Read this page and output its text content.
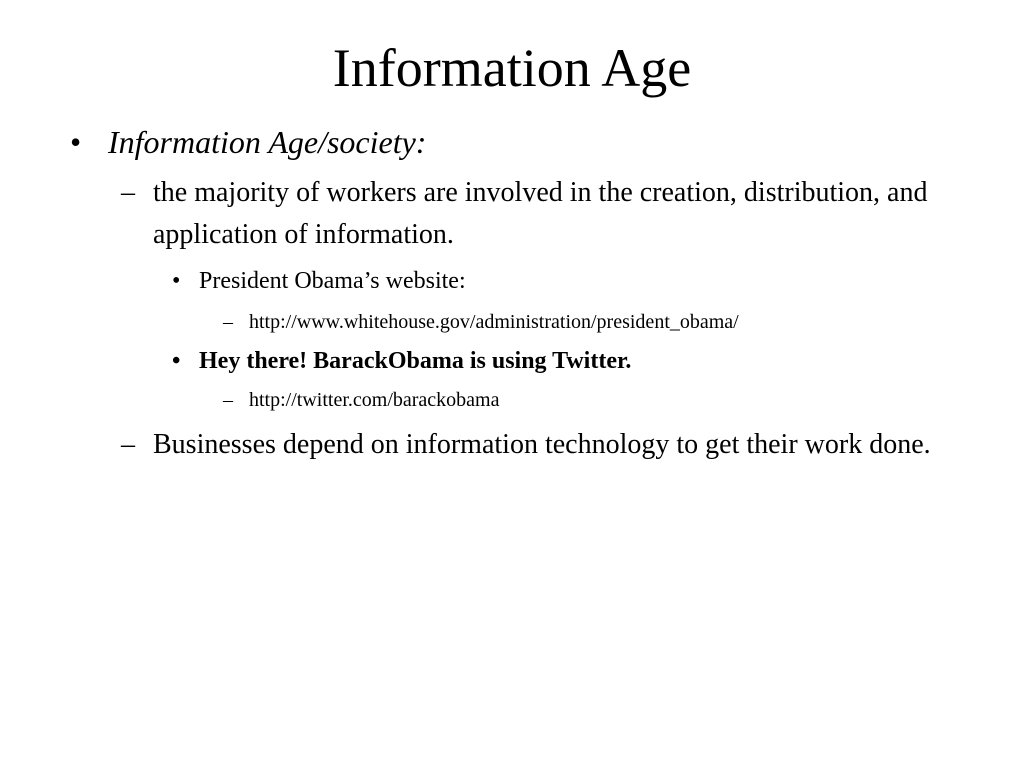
Information Age
• Information Age/society:
– the majority of workers are involved in the creation, distribution, and application of information.
• President Obama’s website:
– http://www.whitehouse.gov/administration/president_obama/
• Hey there! BarackObama is using Twitter.
– http://twitter.com/barackobama
– Businesses depend on information technology to get their work done.
